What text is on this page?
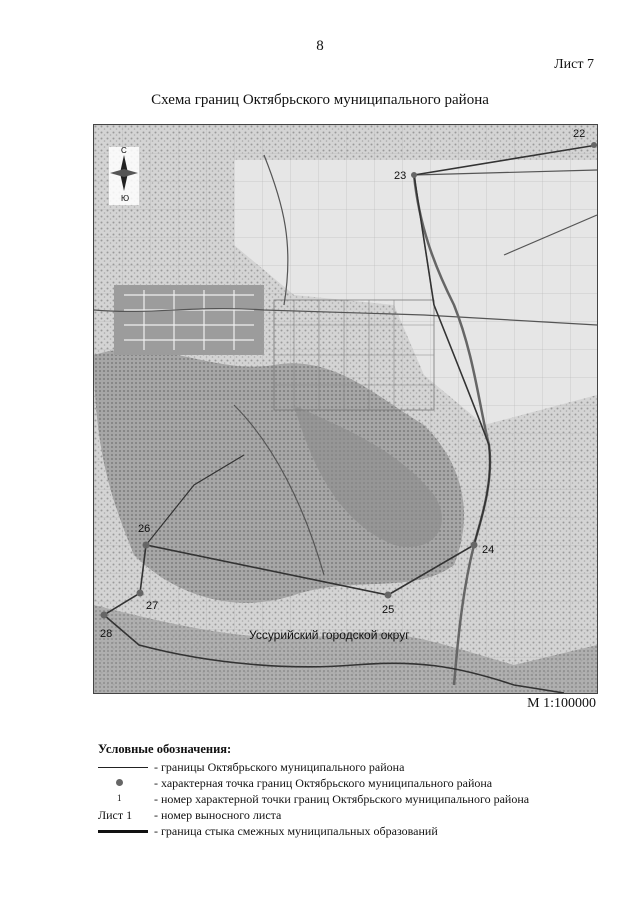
8
Лист 7
Схема границ Октябрьского муниципального района
22
23
24
25
26
27
28	Уссурийский городской округ
С
Ю
М 1:100000
Условные обозначения:
- границы Октябрьского муниципального района
- характерная точка границ Октябрьского муниципального района
1	- номер характерной точки границ Октябрьского муниципального района
Лист 1 - номер выносного листа
- граница стыка смежных муниципальных образований
